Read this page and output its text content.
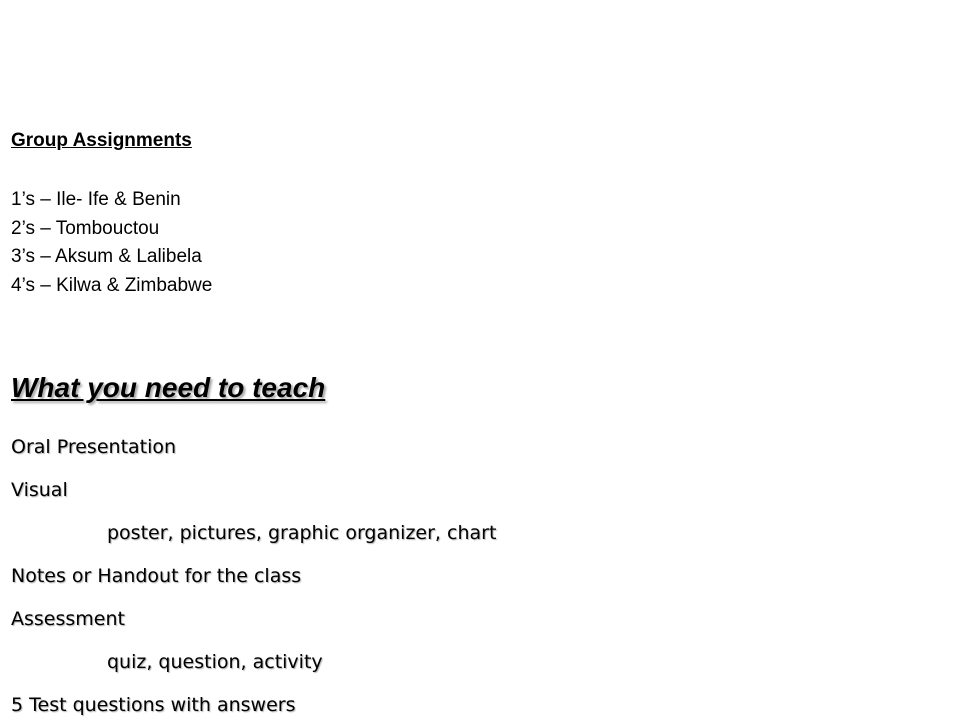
Group Assignments
1’s – Ile- Ife & Benin
2’s – Tombouctou
3’s – Aksum & Lalibela
4’s – Kilwa & Zimbabwe
What you need to teach
Oral Presentation
Visual
poster, pictures, graphic organizer, chart
Notes or Handout for the class
Assessment
quiz, question, activity
5 Test questions with answers
